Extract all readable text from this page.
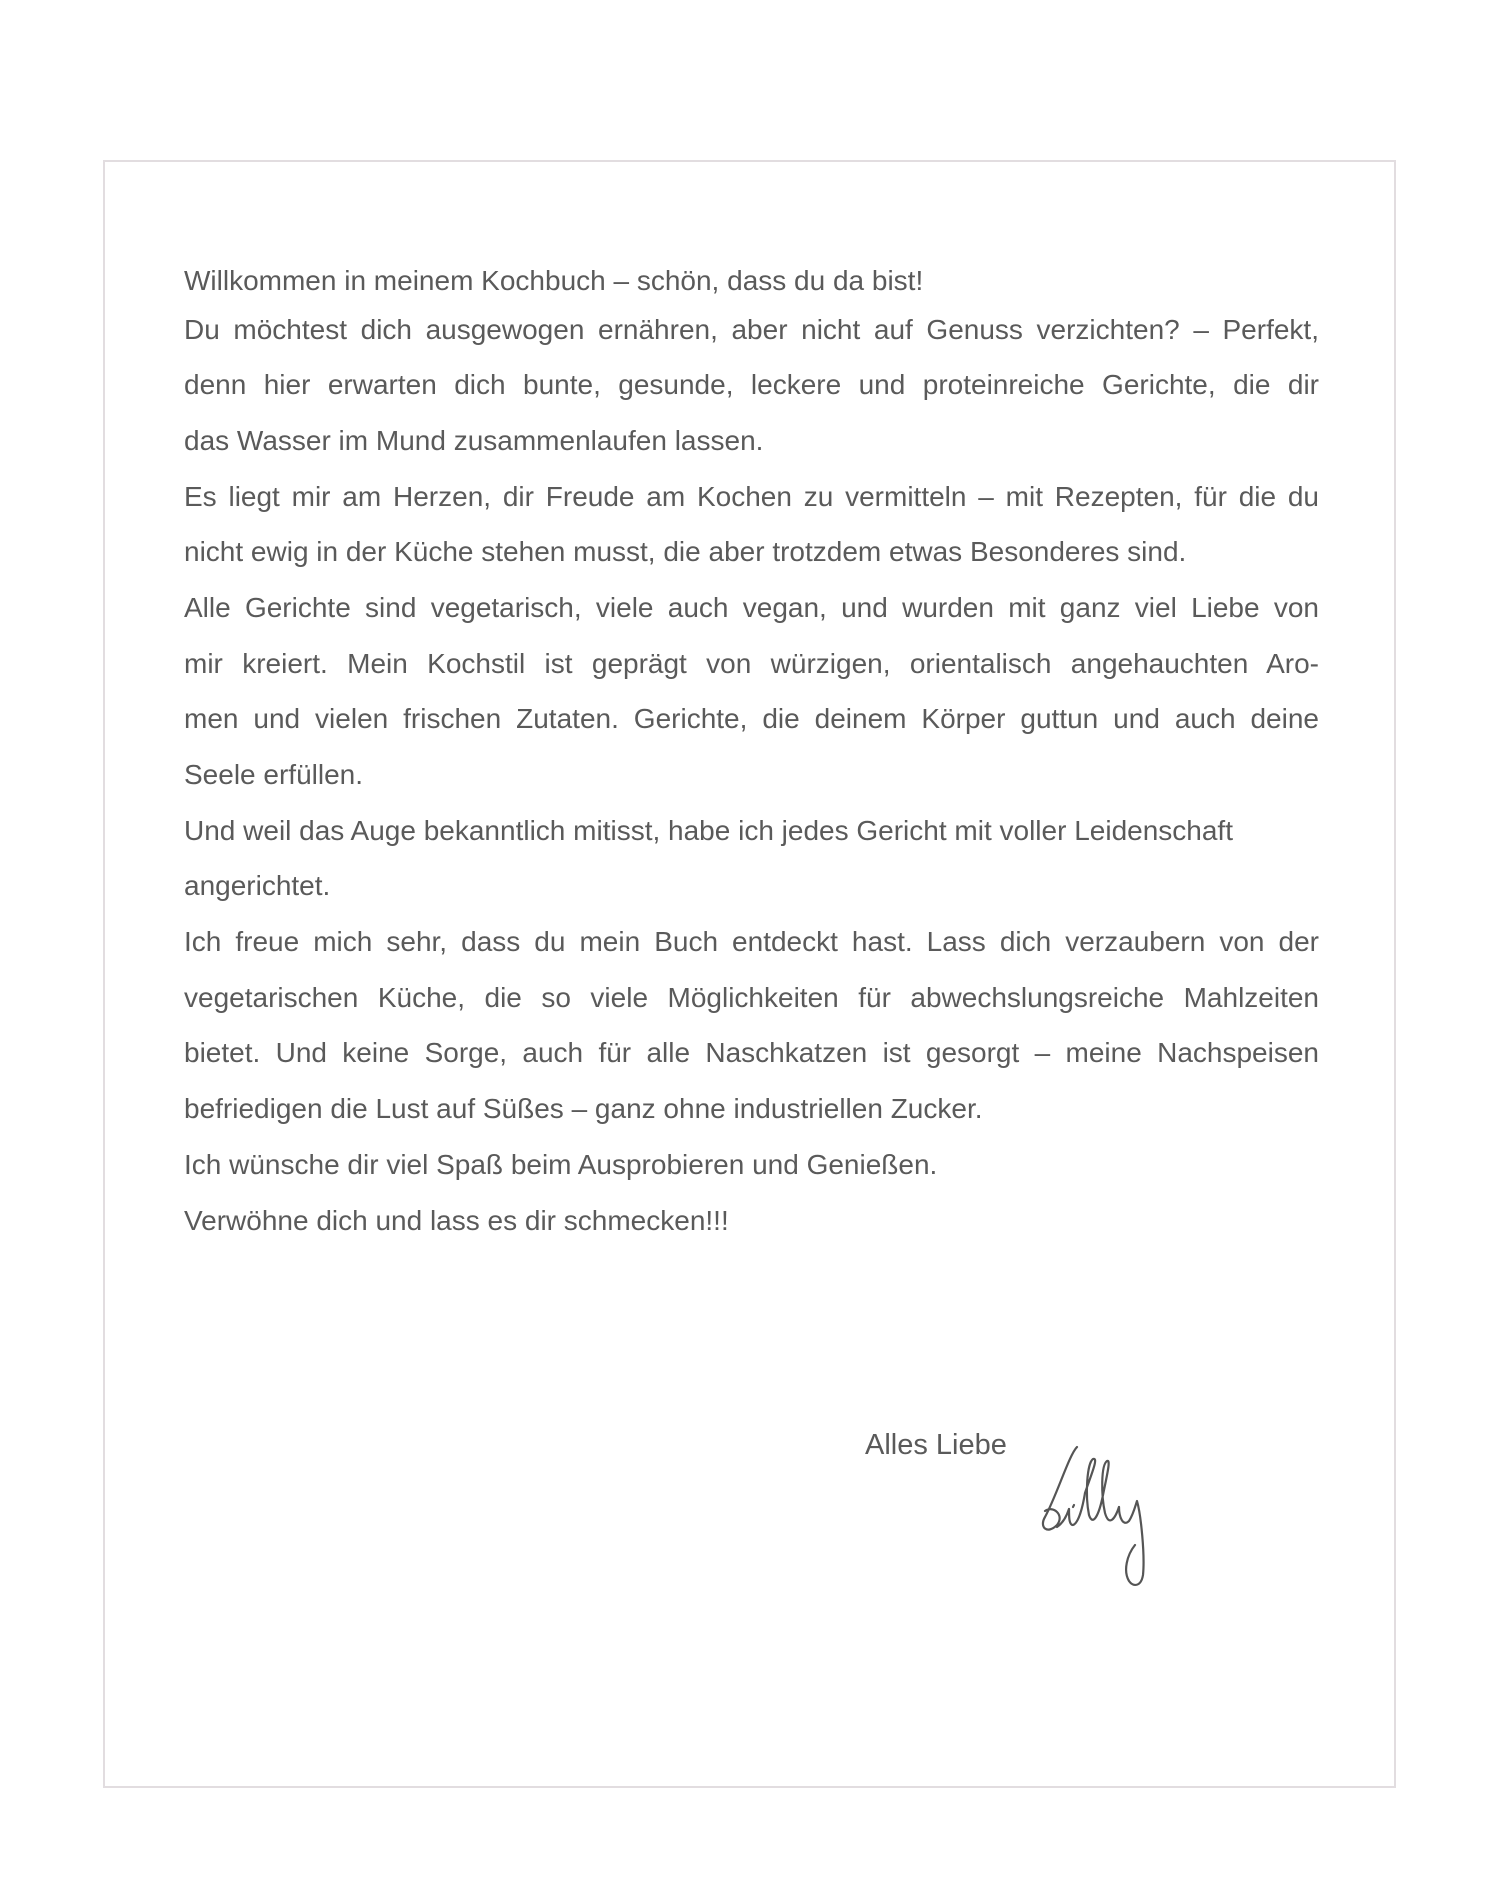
Willkommen in meinem Kochbuch – schön, dass du da bist!
Du möchtest dich ausgewogen ernähren, aber nicht auf Genuss verzichten? – Perfekt,
denn hier erwarten dich bunte, gesunde, leckere und proteinreiche Gerichte, die dir
das Wasser im Mund zusammenlaufen lassen.
Es liegt mir am Herzen, dir Freude am Kochen zu vermitteln – mit Rezepten, für die du
nicht ewig in der Küche stehen musst, die aber trotzdem etwas Besonderes sind.
Alle Gerichte sind vegetarisch, viele auch vegan, und wurden mit ganz viel Liebe von
mir kreiert. Mein Kochstil ist geprägt von würzigen, orientalisch angehauchten Aro-
men und vielen frischen Zutaten. Gerichte, die deinem Körper guttun und auch deine
Seele erfüllen.
Und weil das Auge bekanntlich mitisst, habe ich jedes Gericht mit voller Leidenschaft
angerichtet.
Ich freue mich sehr, dass du mein Buch entdeckt hast. Lass dich verzaubern von der
vegetarischen Küche, die so viele Möglichkeiten für abwechslungsreiche Mahlzeiten
bietet. Und keine Sorge, auch für alle Naschkatzen ist gesorgt – meine Nachspeisen
befriedigen die Lust auf Süßes – ganz ohne industriellen Zucker.
Ich wünsche dir viel Spaß beim Ausprobieren und Genießen.
Verwöhne dich und lass es dir schmecken!!!
Alles Liebe
